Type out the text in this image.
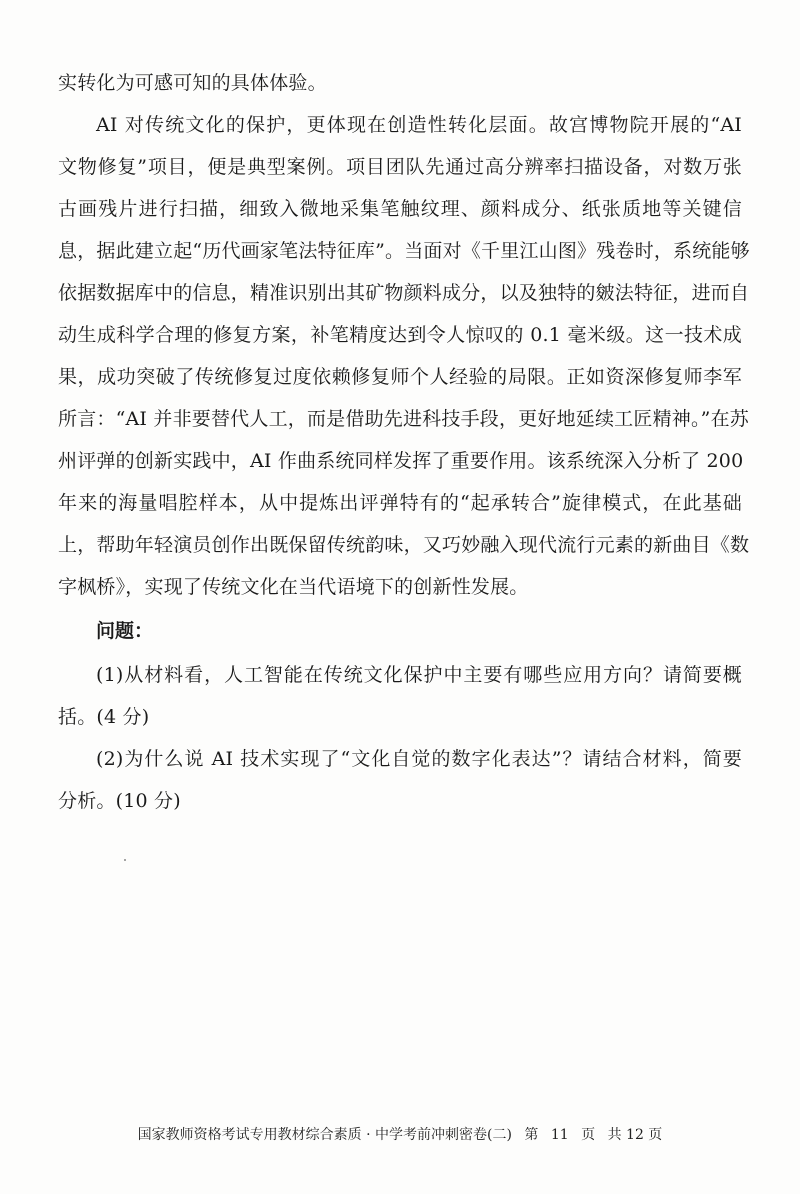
实转化为可感可知的具体体验。
AI 对传统文化的保护，更体现在创造性转化层面。故宫博物院开展的“AI
文物修复”项目，便是典型案例。项目团队先通过高分辨率扫描设备，对数万张
古画残片进行扫描，细致入微地采集笔触纹理、颜料成分、纸张质地等关键信
息，据此建立起“历代画家笔法特征库”。当面对《千里江山图》残卷时，系统能够
依据数据库中的信息，精准识别出其矿物颜料成分，以及独特的皴法特征，进而自
动生成科学合理的修复方案，补笔精度达到令人惊叹的 0.1 毫米级。这一技术成
果，成功突破了传统修复过度依赖修复师个人经验的局限。正如资深修复师李军
所言：“AI 并非要替代人工，而是借助先进科技手段，更好地延续工匠精神。”在苏
州评弹的创新实践中，AI 作曲系统同样发挥了重要作用。该系统深入分析了 200
年来的海量唱腔样本，从中提炼出评弹特有的“起承转合”旋律模式，在此基础
上，帮助年轻演员创作出既保留传统韵味，又巧妙融入现代流行元素的新曲目《数
字枫桥》，实现了传统文化在当代语境下的创新性发展。
问题：
(1)从材料看，人工智能在传统文化保护中主要有哪些应用方向？请简要概
括。(4 分)
(2)为什么说 AI 技术实现了“文化自觉的数字化表达”？请结合材料，简要
分析。(10 分)
国家教师资格考试专用教材综合素质 · 中学考前冲刺密卷(二) 第 11 页 共 12 页
